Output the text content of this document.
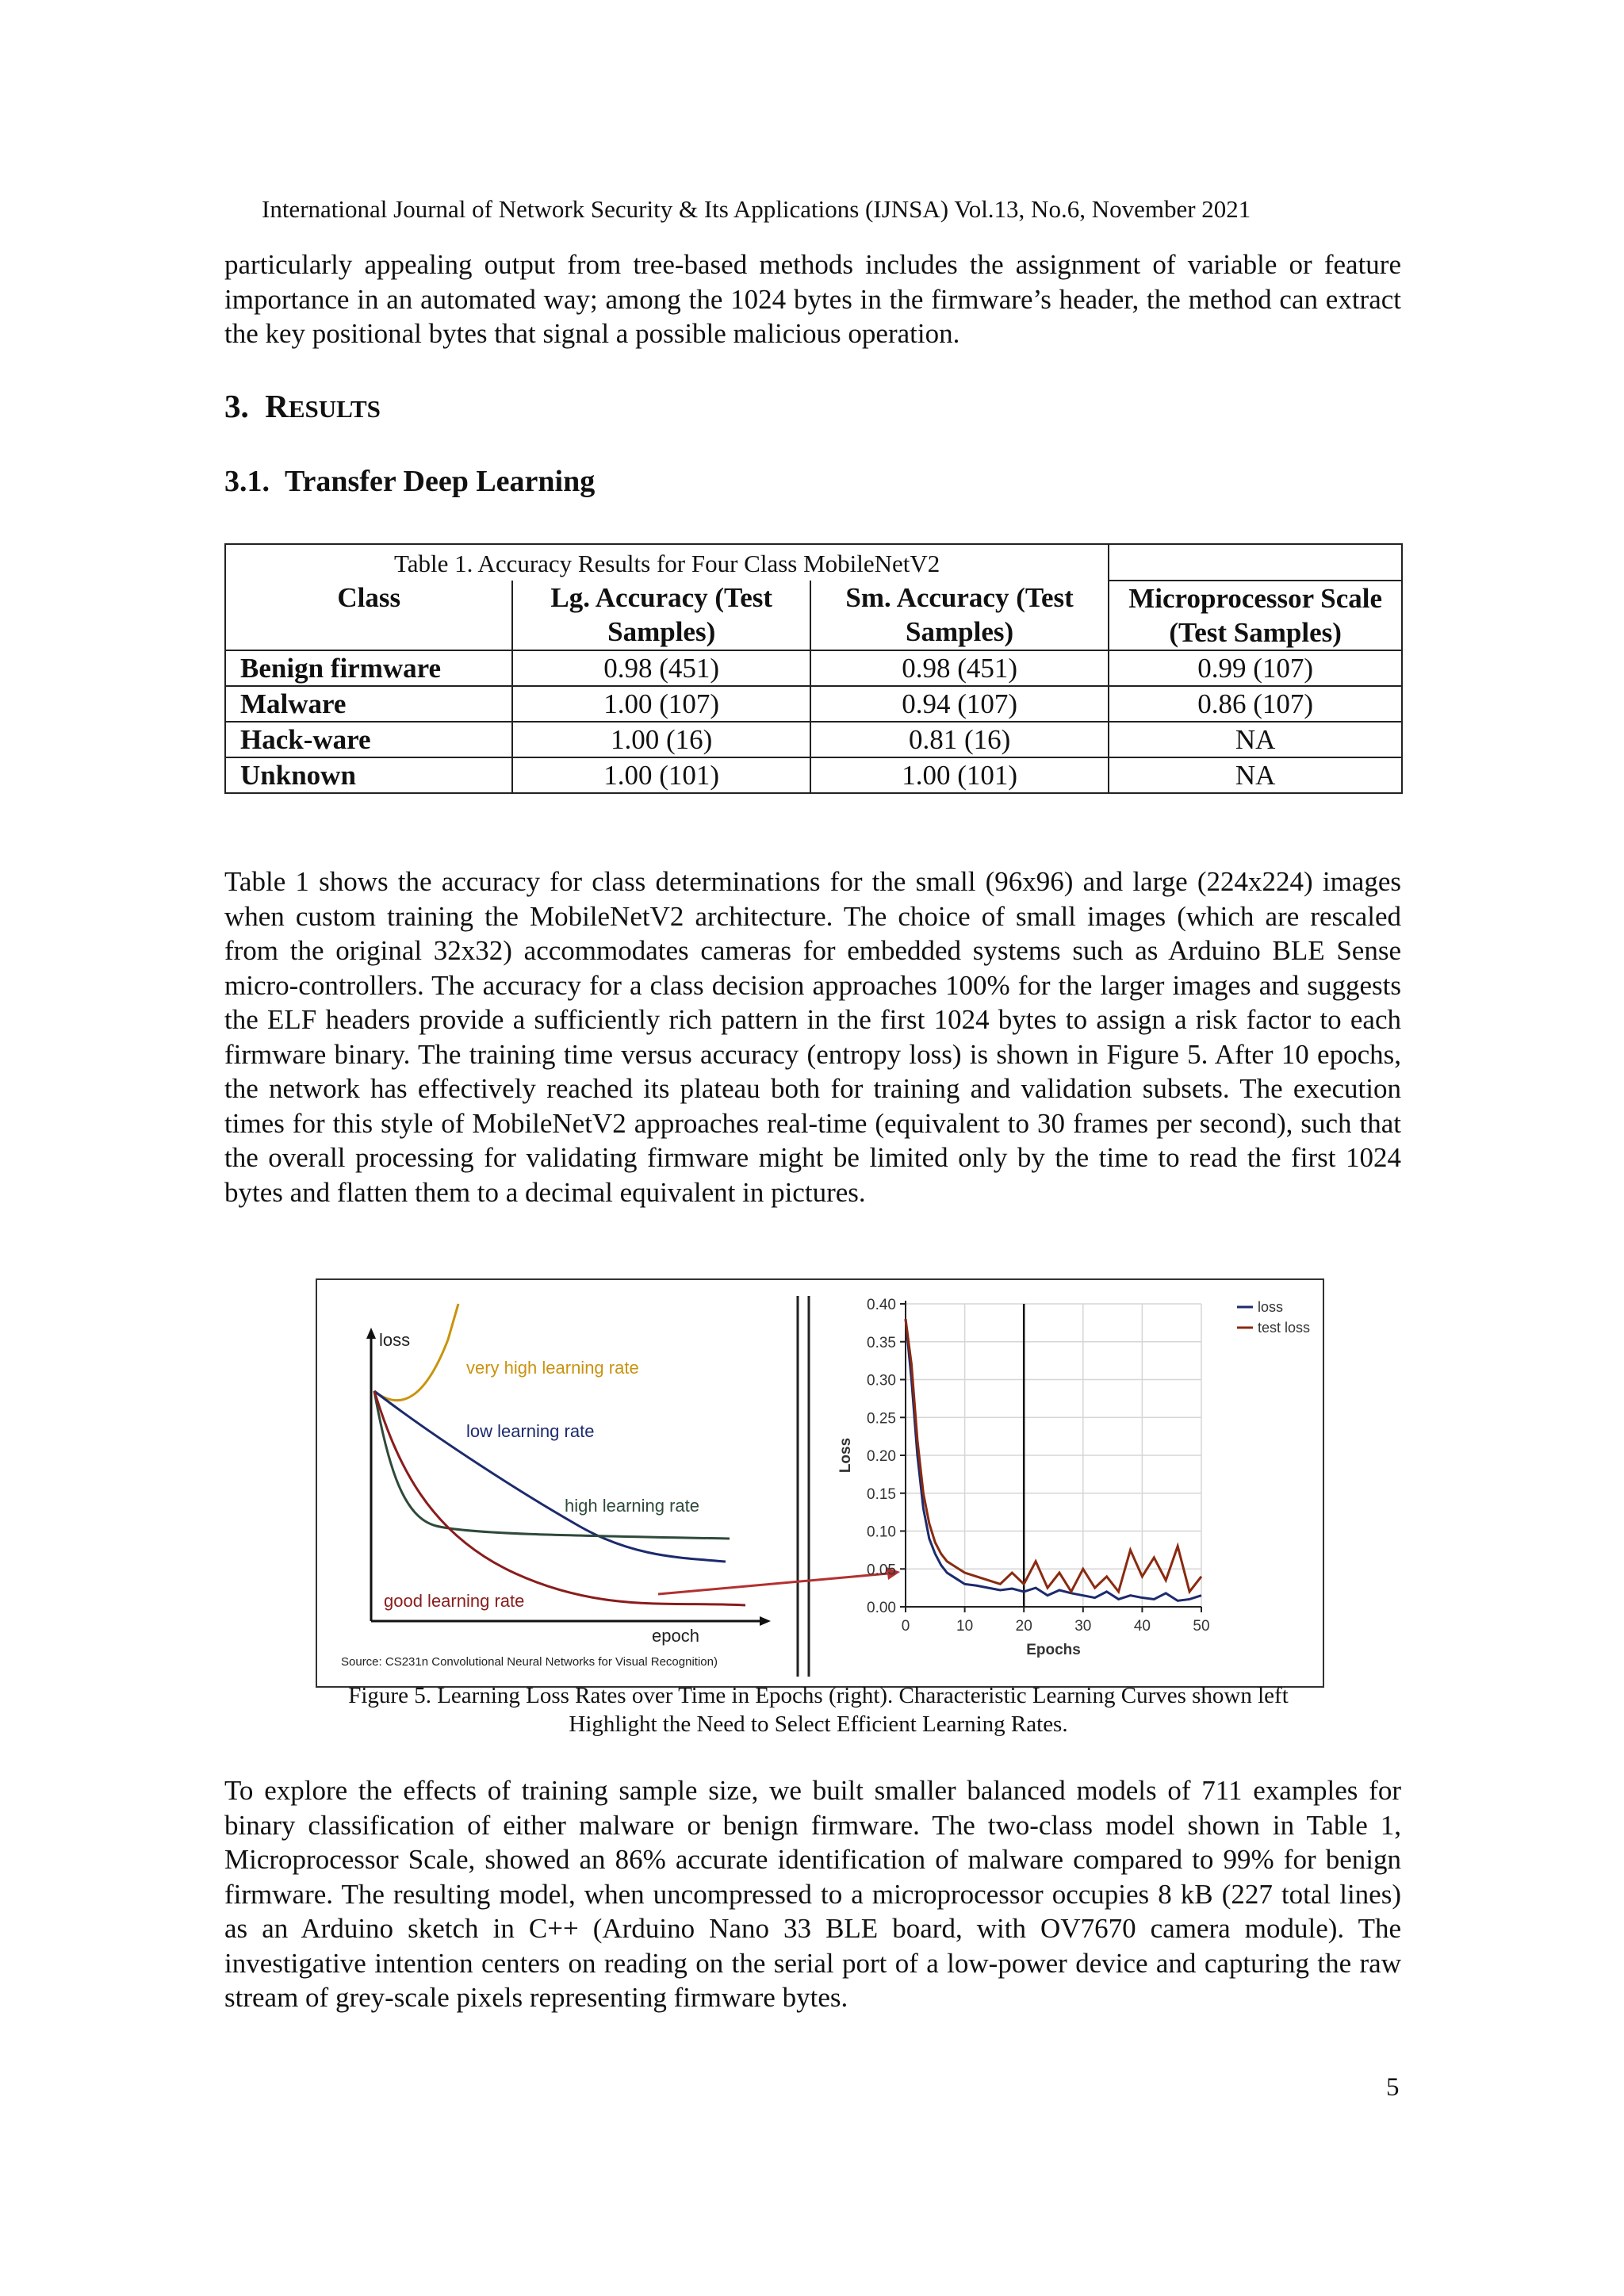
International Journal of Network Security & Its Applications (IJNSA) Vol.13, No.6, November 2021
particularly appealing output from tree-based methods includes the assignment of variable or feature importance in an automated way; among the 1024 bytes in the firmware’s header, the method can extract the key positional bytes that signal a possible malicious operation.
3. RESULTS
3.1. Transfer Deep Learning
Table 1. Accuracy Results for Four Class MobileNetV2			
Class	Lg. Accuracy (Test Samples)	Sm. Accuracy (Test Samples)	Microprocessor Scale (Test Samples)
Benign firmware	0.98 (451)	0.98 (451)	0.99 (107)
Malware	1.00 (107)	0.94 (107)	0.86 (107)
Hack-ware	1.00 (16)	0.81 (16)	NA
Unknown	1.00 (101)	1.00 (101)	NA
Table 1 shows the accuracy for class determinations for the small (96x96) and large (224x224) images when custom training the MobileNetV2 architecture. The choice of small images (which are rescaled from the original 32x32) accommodates cameras for embedded systems such as Arduino BLE Sense micro-controllers. The accuracy for a class decision approaches 100% for the larger images and suggests the ELF headers provide a sufficiently rich pattern in the first 1024 bytes to assign a risk factor to each firmware binary. The training time versus accuracy (entropy loss) is shown in Figure 5. After 10 epochs, the network has effectively reached its plateau both for training and validation subsets. The execution times for this style of MobileNetV2 approaches real-time (equivalent to 30 frames per second), such that the overall processing for validating firmware might be limited only by the time to read the first 1024 bytes and flatten them to a decimal equivalent in pictures.
loss
epoch
very high learning rate
low learning rate
high learning rate
good learning rate
Source: CS231n Convolutional Neural Networks for Visual Recognition)
0.00
0.05
0.10
0.15
0.20
0.25
0.30
0.35
0.40
0	10	20	30	40	50
Epochs
Loss
loss
test loss
Figure 5. Learning Loss Rates over Time in Epochs (right). Characteristic Learning Curves shown left
Highlight the Need to Select Efficient Learning Rates.
To explore the effects of training sample size, we built smaller balanced models of 711 examples for binary classification of either malware or benign firmware. The two-class model shown in Table 1, Microprocessor Scale, showed an 86% accurate identification of malware compared to 99% for benign firmware. The resulting model, when uncompressed to a microprocessor occupies 8 kB (227 total lines) as an Arduino sketch in C++ (Arduino Nano 33 BLE board, with OV7670 camera module). The investigative intention centers on reading on the serial port of a low-power device and capturing the raw stream of grey-scale pixels representing firmware bytes.
5
